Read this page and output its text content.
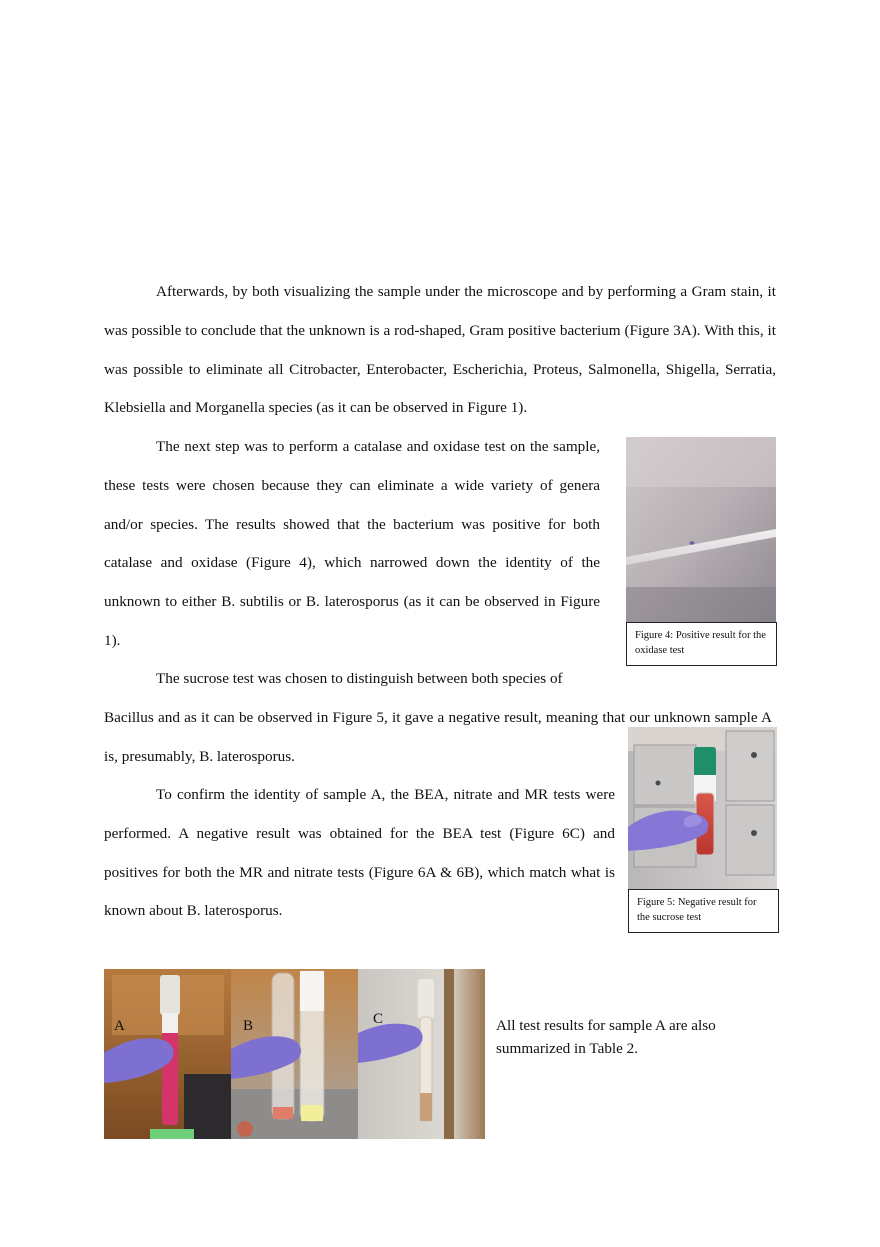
Afterwards, by both visualizing the sample under the microscope and by performing a Gram stain, it was possible to conclude that the unknown is a rod-shaped, Gram positive bacterium (Figure 3A). With this, it was possible to eliminate all Citrobacter, Enterobacter, Escherichia, Proteus, Salmonella, Shigella, Serratia, Klebsiella and Morganella species (as it can be observed in Figure 1).

The next step was to perform a catalase and oxidase test on the sample, these tests were chosen because they can eliminate a wide variety of genera and/or species. The results showed that the bacterium was positive for both catalase and oxidase (Figure 4), which narrowed down the identity of the unknown to either B. subtilis or B. laterosporus (as it can be observed in Figure 1).

The sucrose test was chosen to distinguish between both species of
Bacillus and as it can be observed in Figure 5, it gave a negative result, meaning that our unknown sample A is, presumably, B. laterosporus.

To confirm the identity of sample A, the BEA, nitrate and MR tests were performed. A negative result was obtained for the BEA test (Figure 6C) and positives for both the MR and nitrate tests (Figure 6A & 6B), which match what is known about B. laterosporus.

Figure 4: Positive result for the oxidase test
Figure 5: Negative result for the sucrose test
A	B	C	All test results for sample A are also summarized in Table 2.
